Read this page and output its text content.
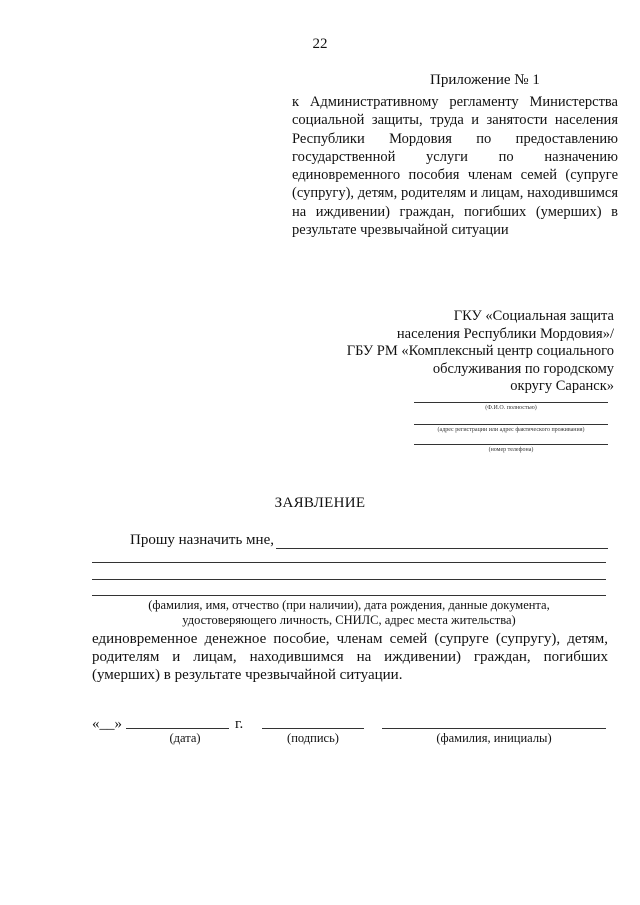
22
Приложение № 1
к Административному регламенту Министерства социальной защиты, труда и занятости населения Республики Мордовия по предоставлению государственной услуги по назначению единовременного пособия членам семей (супруге (супругу), детям, родителям и лицам, находившимся на иждивении) граждан, погибших (умерших) в результате чрезвычайной ситуации
ГКУ «Социальная защита
населения Республики Мордовия»/
ГБУ РМ «Комплексный центр социального
обслуживания по городскому
округу Саранск»
(Ф.И.О. полностью)
(адрес регистрации или адрес фактического проживания)
(номер телефона)
ЗАЯВЛЕНИЕ
Прошу назначить мне,
(фамилия, имя, отчество (при наличии), дата рождения, данные документа,
удостоверяющего личность, СНИЛС, адрес места жительства)
единовременное денежное пособие, членам семей (супруге (супругу), детям, родителям и лицам, находившимся на иждивении) граждан, погибших (умерших) в результате чрезвычайной ситуации.
«__»	г.
(дата)	(подпись)	(фамилия, инициалы)
